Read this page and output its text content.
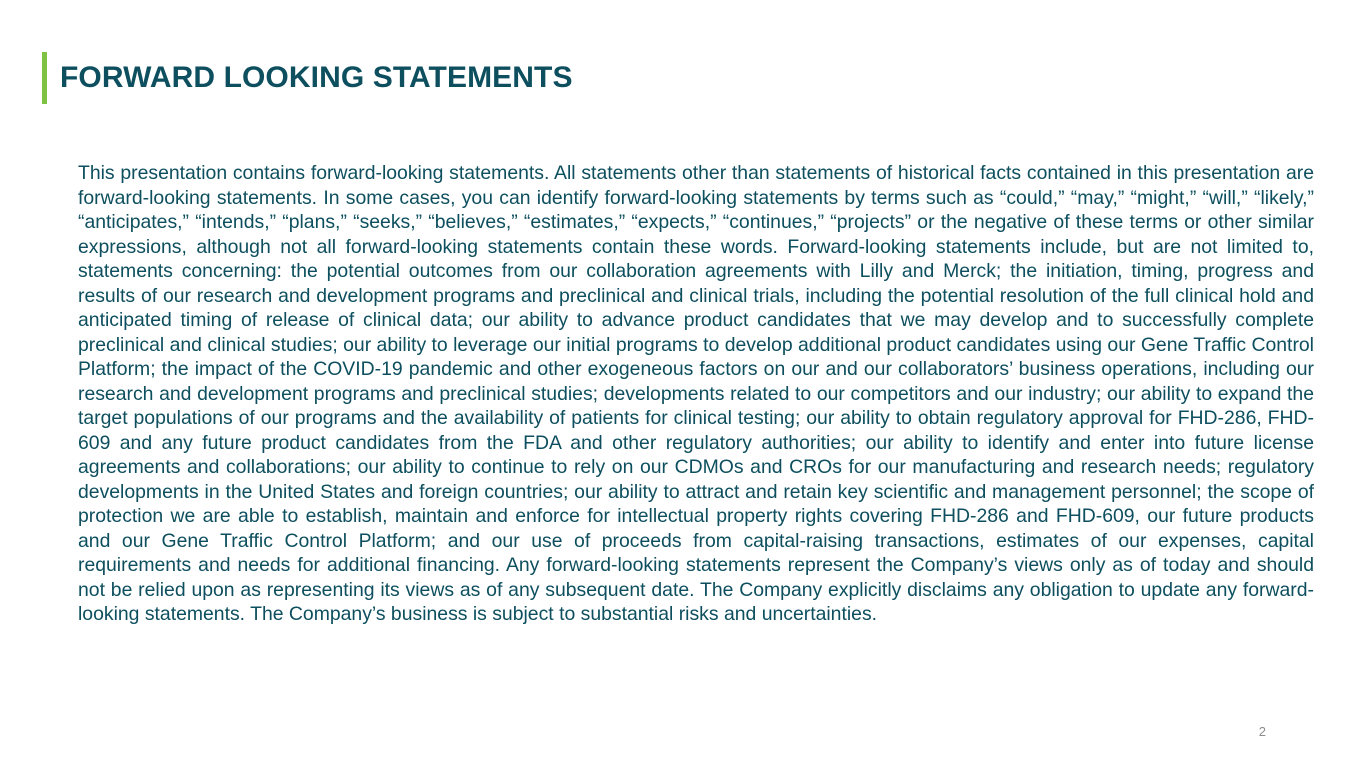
FORWARD LOOKING STATEMENTS

This presentation contains forward-looking statements. All statements other than statements of historical facts contained in this presentation are forward-looking statements. In some cases, you can identify forward-looking statements by terms such as “could,” “may,” “might,” “will,” “likely,” “anticipates,” “intends,” “plans,” “seeks,” “believes,” “estimates,” “expects,” “continues,” “projects” or the negative of these terms or other similar expressions, although not all forward-looking statements contain these words. Forward-looking statements include, but are not limited to, statements concerning: the potential outcomes from our collaboration agreements with Lilly and Merck; the initiation, timing, progress and results of our research and development programs and preclinical and clinical trials, including the potential resolution of the full clinical hold and anticipated timing of release of clinical data; our ability to advance product candidates that we may develop and to successfully complete preclinical and clinical studies; our ability to leverage our initial programs to develop additional product candidates using our Gene Traffic Control Platform; the impact of the COVID-19 pandemic and other exogeneous factors on our and our collaborators’ business operations, including our research and development programs and preclinical studies; developments related to our competitors and our industry; our ability to expand the target populations of our programs and the availability of patients for clinical testing; our ability to obtain regulatory approval for FHD-286, FHD-609 and any future product candidates from the FDA and other regulatory authorities; our ability to identify and enter into future license agreements and collaborations; our ability to continue to rely on our CDMOs and CROs for our manufacturing and research needs; regulatory developments in the United States and foreign countries; our ability to attract and retain key scientific and management personnel; the scope of protection we are able to establish, maintain and enforce for intellectual property rights covering FHD-286 and FHD-609, our future products and our Gene Traffic Control Platform; and our use of proceeds from capital-raising transactions, estimates of our expenses, capital requirements and needs for additional financing. Any forward-looking statements represent the Company’s views only as of today and should not be relied upon as representing its views as of any subsequent date. The Company explicitly disclaims any obligation to update any forward-looking statements. The Company’s business is subject to substantial risks and uncertainties.

2
